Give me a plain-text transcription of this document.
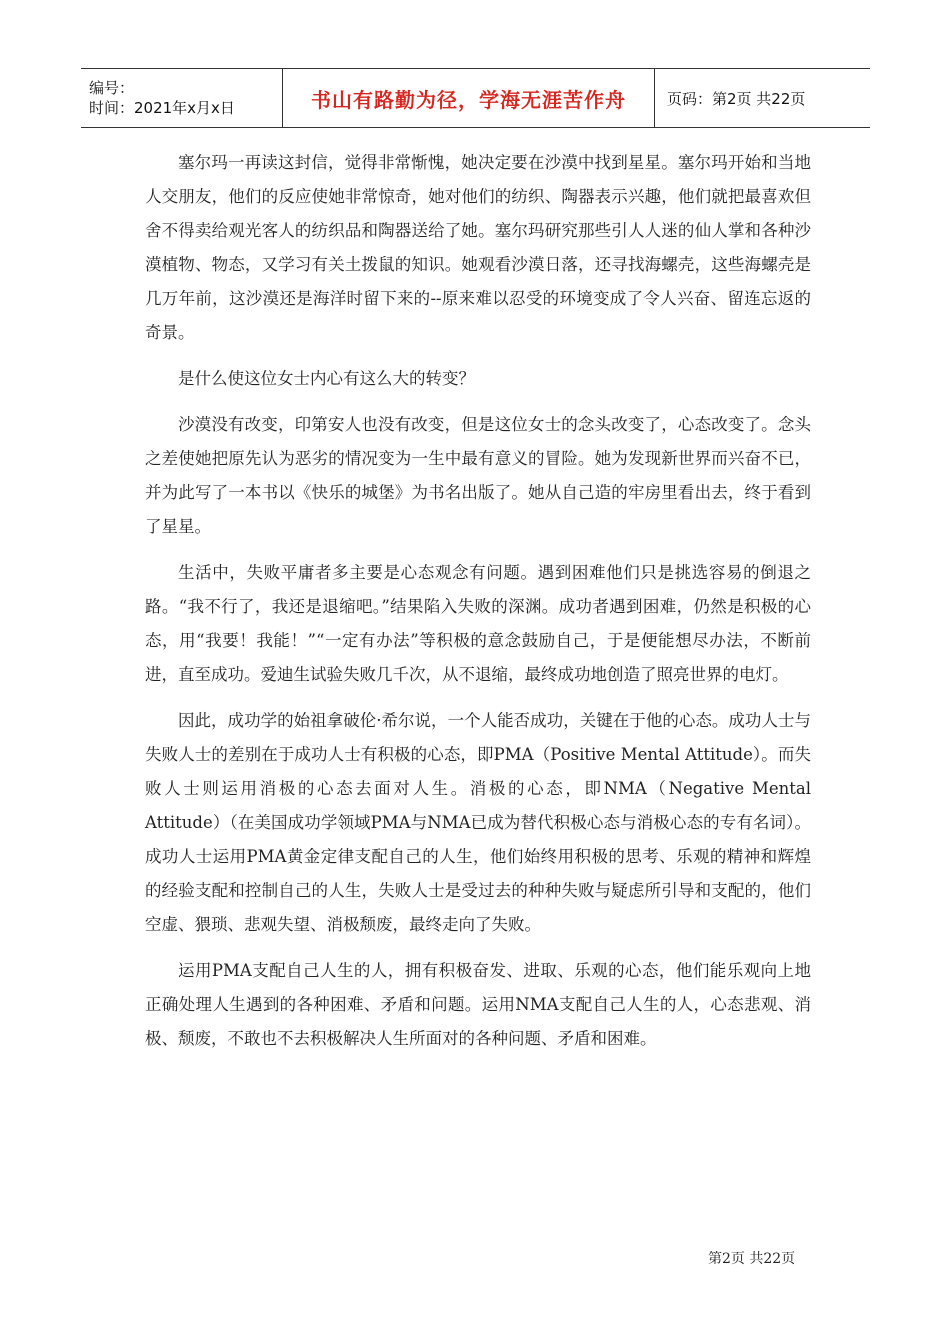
编号：
时间：2021年x月x日	书山有路勤为径，学海无涯苦作舟	页码：第2页 共22页

塞尔玛一再读这封信，觉得非常惭愧，她决定要在沙漠中找到星星。塞尔玛开始和当地人交朋友，他们的反应使她非常惊奇，她对他们的纺织、陶器表示兴趣，他们就把最喜欢但舍不得卖给观光客人的纺织品和陶器送给了她。塞尔玛研究那些引人人迷的仙人掌和各种沙漠植物、物态，又学习有关土拨鼠的知识。她观看沙漠日落，还寻找海螺壳，这些海螺壳是几万年前，这沙漠还是海洋时留下来的--原来难以忍受的环境变成了令人兴奋、留连忘返的奇景。

是什么使这位女士内心有这么大的转变？

沙漠没有改变，印第安人也没有改变，但是这位女士的念头改变了，心态改变了。念头之差使她把原先认为恶劣的情况变为一生中最有意义的冒险。她为发现新世界而兴奋不已，并为此写了一本书以《快乐的城堡》为书名出版了。她从自己造的牢房里看出去，终于看到了星星。

生活中，失败平庸者多主要是心态观念有问题。遇到困难他们只是挑选容易的倒退之路。“我不行了，我还是退缩吧。”结果陷入失败的深渊。成功者遇到困难，仍然是积极的心态，用“我要！我能！”“一定有办法”等积极的意念鼓励自己，于是便能想尽办法，不断前进，直至成功。爱迪生试验失败几千次，从不退缩，最终成功地创造了照亮世界的电灯。

因此，成功学的始祖拿破伦·希尔说，一个人能否成功，关键在于他的心态。成功人士与失败人士的差别在于成功人士有积极的心态，即PMA（Positive Mental Attitude）。而失败人士则运用消极的心态去面对人生。消极的心态，即NMA（Negative Mental Attitude）（在美国成功学领域PMA与NMA已成为替代积极心态与消极心态的专有名词）。成功人士运用PMA黄金定律支配自己的人生，他们始终用积极的思考、乐观的精神和辉煌的经验支配和控制自己的人生，失败人士是受过去的种种失败与疑虑所引导和支配的，他们空虚、猥琐、悲观失望、消极颓废，最终走向了失败。

运用PMA支配自己人生的人，拥有积极奋发、进取、乐观的心态，他们能乐观向上地正确处理人生遇到的各种困难、矛盾和问题。运用NMA支配自己人生的人，心态悲观、消极、颓废，不敢也不去积极解决人生所面对的各种问题、矛盾和困难。

第2页 共22页
